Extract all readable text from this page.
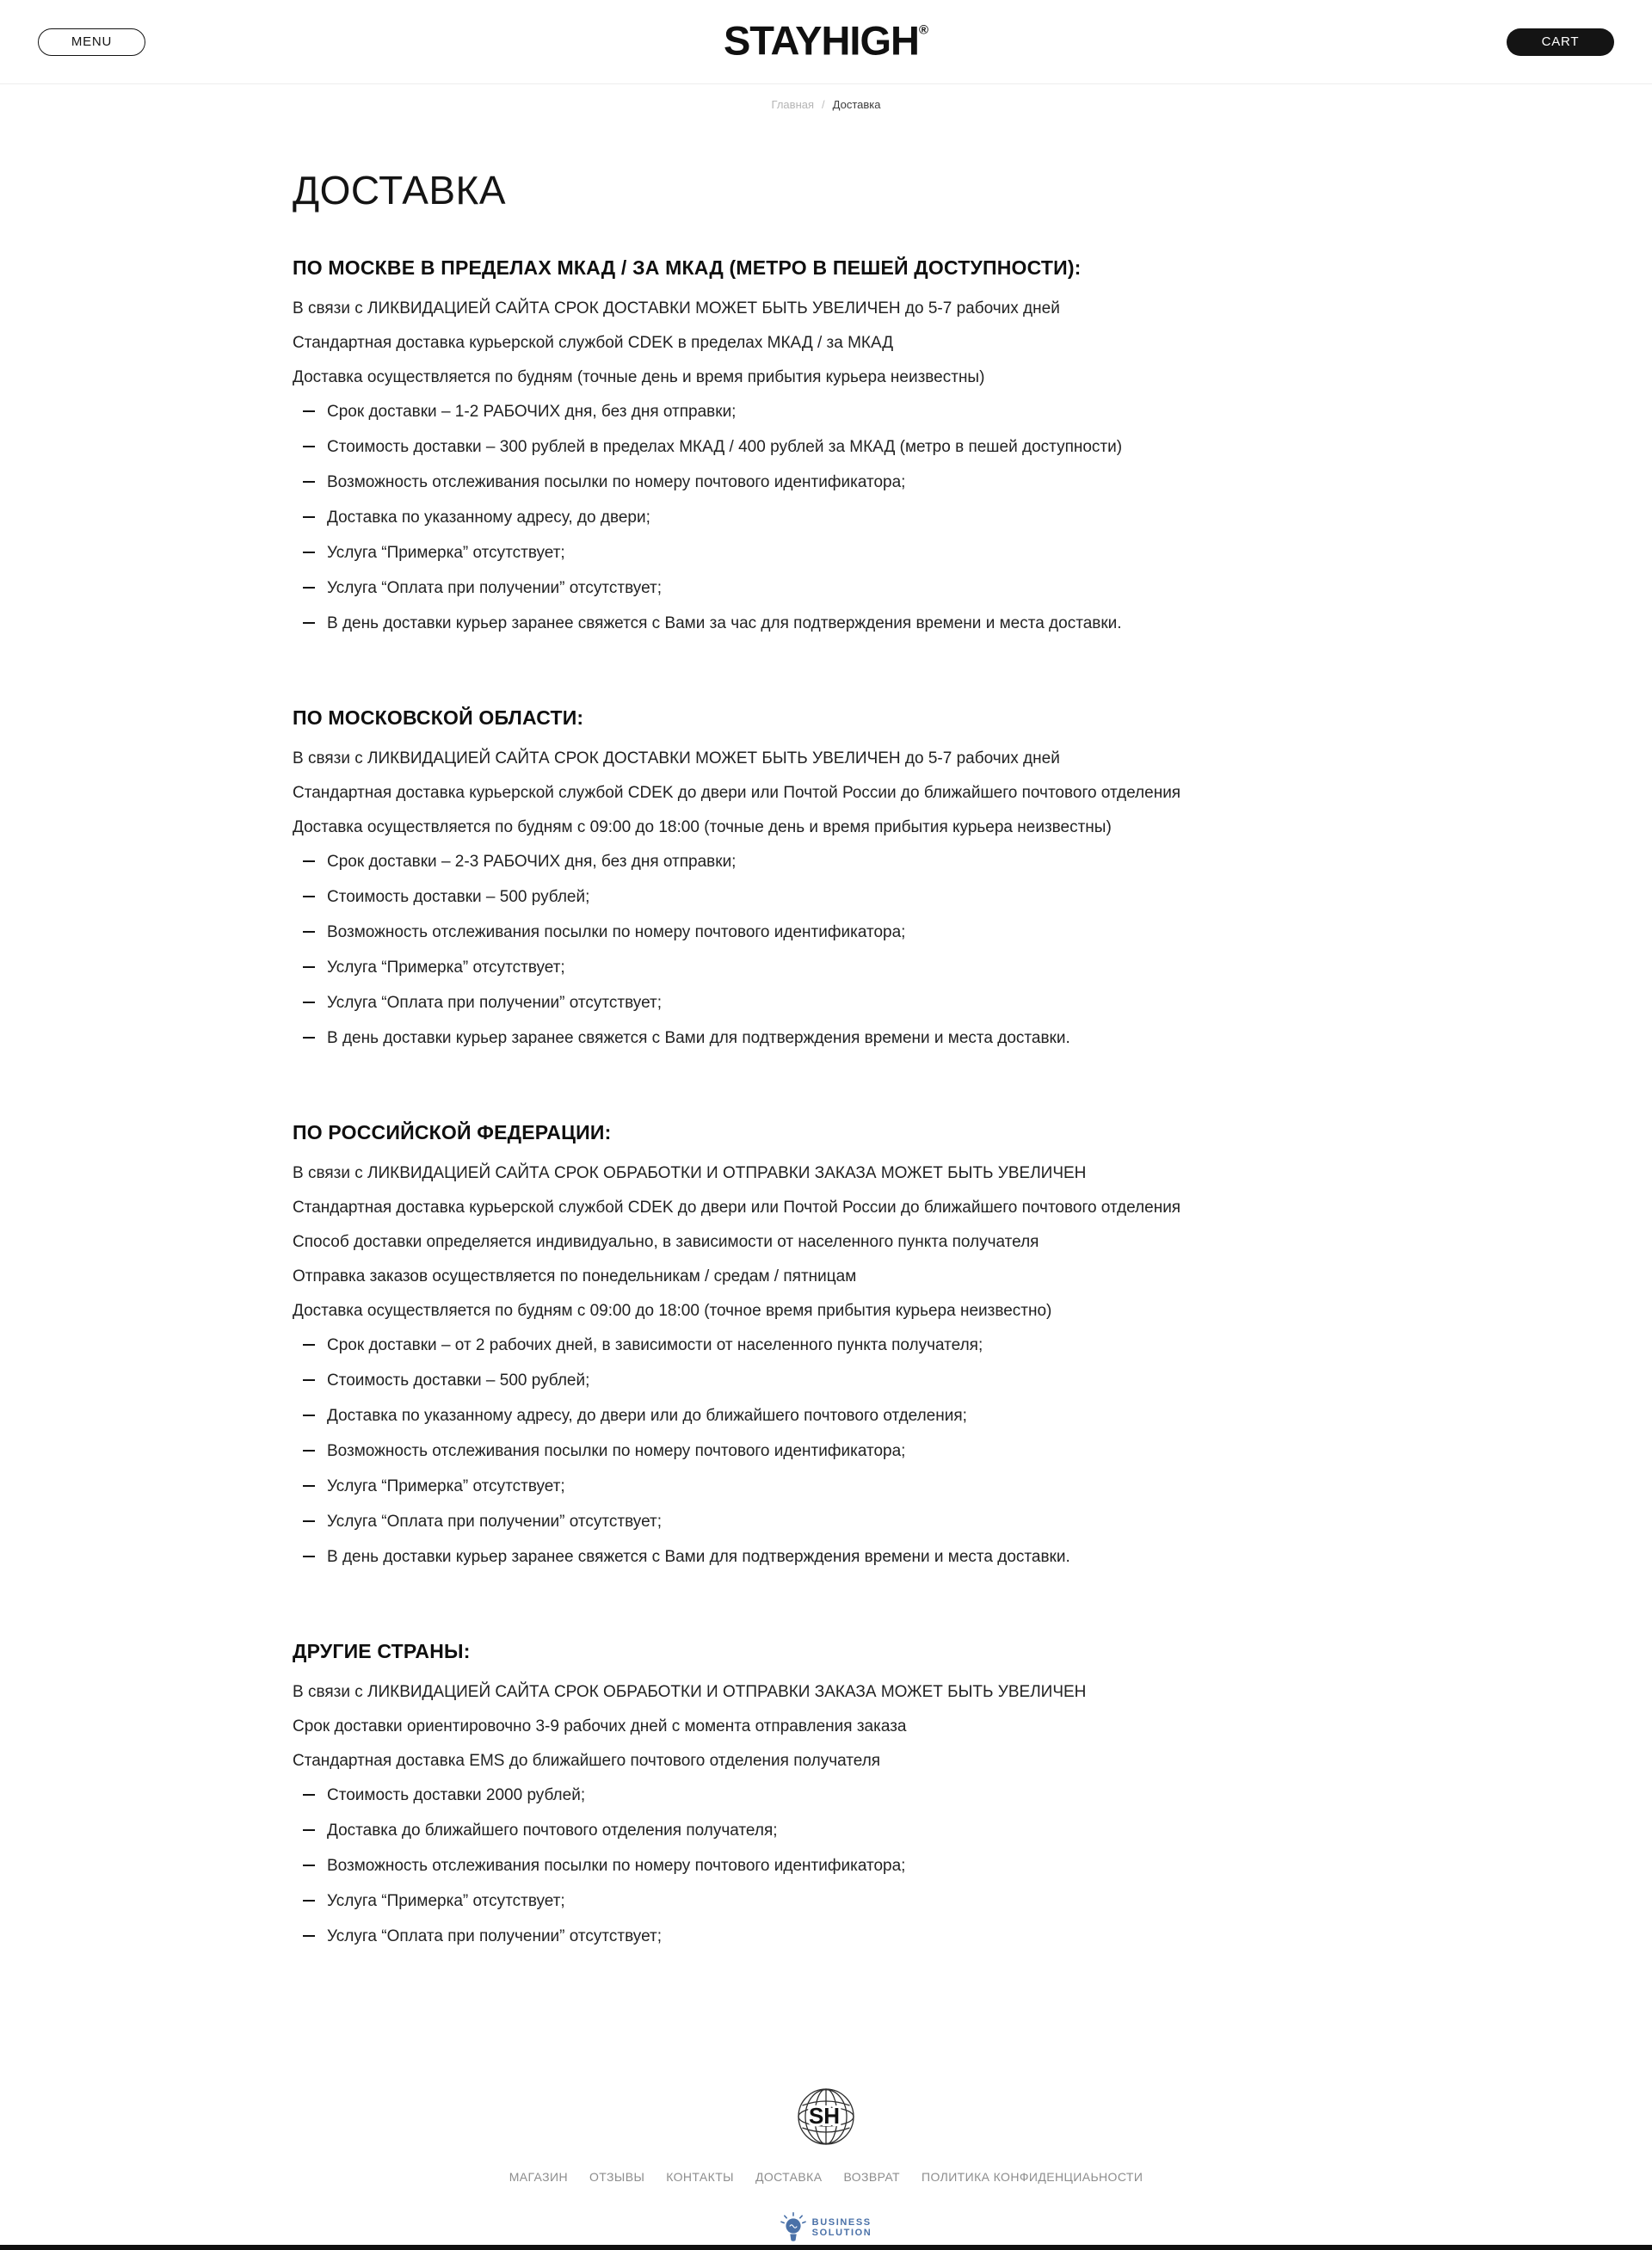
MENU	STAYHIGH®
CART
Главная / Доставка
ДОСТАВКА
ПО МОСКВЕ В ПРЕДЕЛАХ МКАД / ЗА МКАД (МЕТРО В ПЕШЕЙ ДОСТУПНОСТИ):

В связи с ЛИКВИДАЦИЕЙ САЙТА СРОК ДОСТАВКИ МОЖЕТ БЫТЬ УВЕЛИЧЕН до 5-7 рабочих дней

Стандартная доставка курьерской службой CDEK в пределах МКАД / за МКАД

Доставка осуществляется по будням (точные день и время прибытия курьера неизвестны)

Срок доставки – 1-2 РАБОЧИХ дня, без дня отправки;
Стоимость доставки – 300 рублей в пределах МКАД / 400 рублей за МКАД (метро в пешей доступности)
Возможность отслеживания посылки по номеру почтового идентификатора;
Доставка по указанному адресу, до двери;
Услуга “Примерка” отсутствует;
Услуга “Оплата при получении” отсутствует;
В день доставки курьер заранее свяжется с Вами за час для подтверждения времени и места доставки.
ПО МОСКОВСКОЙ ОБЛАСТИ:

В связи с ЛИКВИДАЦИЕЙ САЙТА СРОК ДОСТАВКИ МОЖЕТ БЫТЬ УВЕЛИЧЕН до 5-7 рабочих дней

Стандартная доставка курьерской службой CDEK до двери или Почтой России до ближайшего почтового отделения

Доставка осуществляется по будням с 09:00 до 18:00 (точные день и время прибытия курьера неизвестны)

Срок доставки – 2-3 РАБОЧИХ дня, без дня отправки;
Стоимость доставки – 500 рублей;
Возможность отслеживания посылки по номеру почтового идентификатора;
Услуга “Примерка” отсутствует;
Услуга “Оплата при получении” отсутствует;
В день доставки курьер заранее свяжется с Вами для подтверждения времени и места доставки.
ПО РОССИЙСКОЙ ФЕДЕРАЦИИ:

В связи с ЛИКВИДАЦИЕЙ САЙТА СРОК ОБРАБОТКИ И ОТПРАВКИ ЗАКАЗА МОЖЕТ БЫТЬ УВЕЛИЧЕН

Стандартная доставка курьерской службой CDEK до двери или Почтой России до ближайшего почтового отделения

Способ доставки определяется индивидуально, в зависимости от населенного пункта получателя

Отправка заказов осуществляется по понедельникам / средам / пятницам

Доставка осуществляется по будням с 09:00 до 18:00 (точное время прибытия курьера неизвестно)

Срок доставки – от 2 рабочих дней, в зависимости от населенного пункта получателя;
Стоимость доставки – 500 рублей;
Доставка по указанному адресу, до двери или до ближайшего почтового отделения;
Возможность отслеживания посылки по номеру почтового идентификатора;
Услуга “Примерка” отсутствует;
Услуга “Оплата при получении” отсутствует;
В день доставки курьер заранее свяжется с Вами для подтверждения времени и места доставки.
ДРУГИЕ СТРАНЫ:

В связи с ЛИКВИДАЦИЕЙ САЙТА СРОК ОБРАБОТКИ И ОТПРАВКИ ЗАКАЗА МОЖЕТ БЫТЬ УВЕЛИЧЕН

Срок доставки ориентировочно 3-9 рабочих дней с момента отправления заказа

Стандартная доставка EMS до ближайшего почтового отделения получателя

Стоимость доставки 2000 рублей;
Доставка до ближайшего почтового отделения получателя;
Возможность отслеживания посылки по номеру почтового идентификатора;
Услуга “Примерка” отсутствует;
Услуга “Оплата при получении” отсутствует;
SH
МАГАЗИН ОТЗЫВЫ КОНТАКТЫ ДОСТАВКА ВОЗВРАТ ПОЛИТИКА КОНФИДЕНЦИАЬНОСТИ
BUSINESS
SOLUTION
